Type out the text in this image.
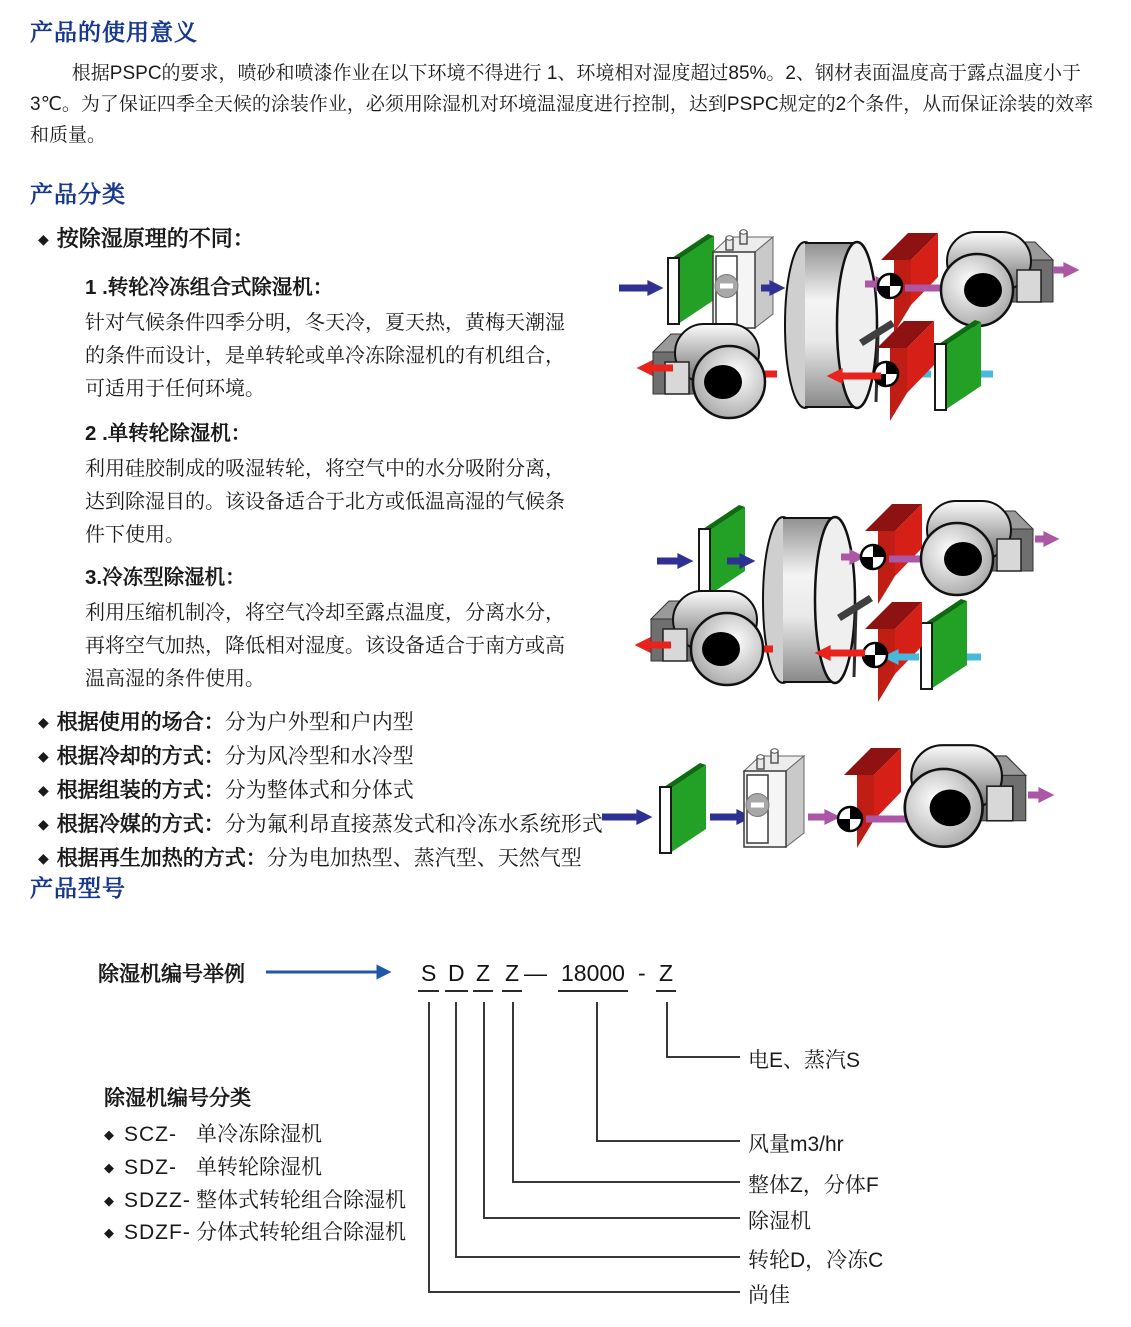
产品的使用意义

根据PSPC的要求，喷砂和喷漆作业在以下环境不得进行 1、环境相对湿度超过85%。2、钢材表面温度高于露点温度小于3℃。为了保证四季全天候的涂装作业，必须用除湿机对环境温湿度进行控制，达到PSPC规定的2个条件，从而保证涂装的效率和质量。

产品分类
◆ 按除湿原理的不同：
1 .转轮冷冻组合式除湿机：
针对气候条件四季分明，冬天冷，夏天热，黄梅天潮湿的条件而设计，是单转轮或单冷冻除湿机的有机组合，可适用于任何环境。
2 .单转轮除湿机：
利用硅胶制成的吸湿转轮，将空气中的水分吸附分离，达到除湿目的。该设备适合于北方或低温高湿的气候条件下使用。
3.冷冻型除湿机：
利用压缩机制冷，将空气冷却至露点温度，分离水分，再将空气加热，降低相对湿度。该设备适合于南方或高温高湿的条件使用。
◆ 根据使用的场合：分为户外型和户内型
◆ 根据冷却的方式：分为风冷型和水冷型
◆ 根据组装的方式：分为整体式和分体式
◆ 根据冷媒的方式：分为氟利昂直接蒸发式和冷冻水系统形式
◆ 根据再生加热的方式：分为电加热型、蒸汽型、天然气型
产品型号
除湿机编号举例	S D Z Z — 18000 - Z
电E、蒸汽S
风量m3/hr
整体Z，分体F
除湿机
转轮D，冷冻C
尚佳
除湿机编号分类
◆ SCZ- 单冷冻除湿机
◆ SDZ- 单转轮除湿机
◆ SDZZ- 整体式转轮组合除湿机
◆ SDZF- 分体式转轮组合除湿机
